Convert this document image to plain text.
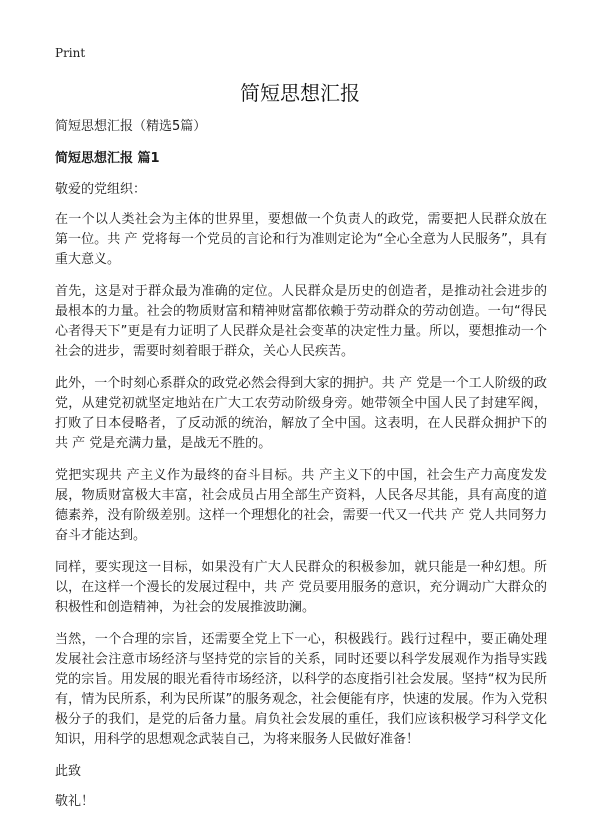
Print
简短思想汇报
简短思想汇报（精选5篇）
简短思想汇报 篇1

敬爱的党组织：

在一个以人类社会为主体的世界里，要想做一个负责人的政党，需要把人民群众放在第一位。共 产 党将每一个党员的言论和行为准则定论为“全心全意为人民服务”，具有重大意义。

首先，这是对于群众最为准确的定位。人民群众是历史的创造者，是推动社会进步的最根本的力量。社会的物质财富和精神财富都依赖于劳动群众的劳动创造。一句“得民心者得天下”更是有力证明了人民群众是社会变革的决定性力量。所以，要想推动一个社会的进步，需要时刻着眼于群众，关心人民疾苦。

此外，一个时刻心系群众的政党必然会得到大家的拥护。共 产 党是一个工人阶级的政党，从建党初就坚定地站在广大工农劳动阶级身旁。她带领全中国人民了封建军阀，打败了日本侵略者，了反动派的统治，解放了全中国。这表明，在人民群众拥护下的共 产 党是充满力量，是战无不胜的。

党把实现共 产主义作为最终的奋斗目标。共 产主义下的中国，社会生产力高度发发展，物质财富极大丰富，社会成员占用全部生产资料，人民各尽其能，具有高度的道德素养，没有阶级差别。这样一个理想化的社会，需要一代又一代共 产 党人共同努力奋斗才能达到。

同样，要实现这一目标，如果没有广大人民群众的积极参加，就只能是一种幻想。所以，在这样一个漫长的发展过程中，共 产 党员要用服务的意识，充分调动广大群众的积极性和创造精神，为社会的发展推波助澜。

当然，一个合理的宗旨，还需要全党上下一心，积极践行。践行过程中，要正确处理发展社会注意市场经济与坚持党的宗旨的关系，同时还要以科学发展观作为指导实践党的宗旨。用发展的眼光看待市场经济，以科学的态度指引社会发展。坚持“权为民所有，情为民所系，利为民所谋”的服务观念，社会便能有序，快速的发展。作为入党积极分子的我们，是党的后备力量。肩负社会发展的重任，我们应该积极学习科学文化知识，用科学的思想观念武装自己，为将来服务人民做好准备！

此致

敬礼！
